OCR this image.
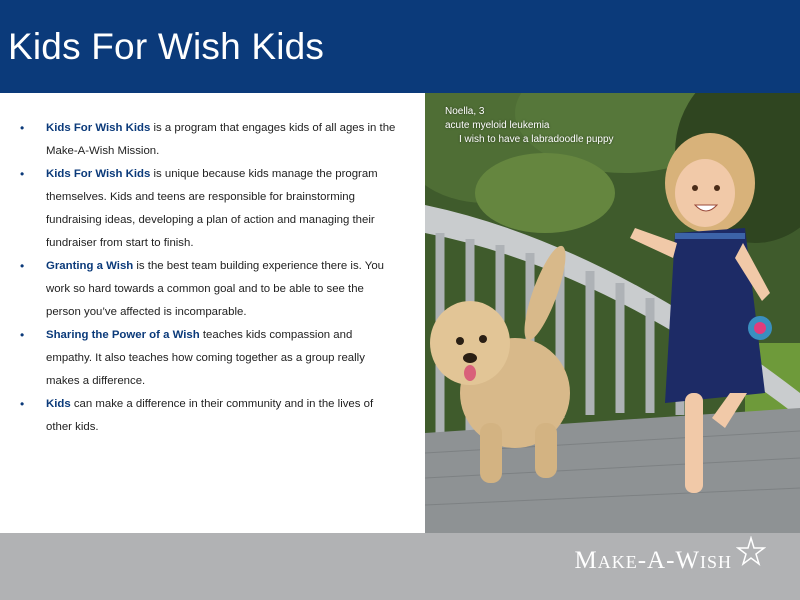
Kids For Wish Kids
• Kids For Wish Kids is a program that engages kids of all ages in the Make-A-Wish Mission.
• Kids For Wish Kids is unique because kids manage the program themselves. Kids and teens are responsible for brainstorming fundraising ideas, developing a plan of action and managing their fundraiser from start to finish.
• Granting a Wish is the best team building experience there is. You work so hard towards a common goal and to be able to see the person you’ve affected is incomparable.
• Sharing the Power of a Wish teaches kids compassion and empathy. It also teaches how coming together as a group really makes a difference.
• Kids can make a difference in their community and in the lives of other kids.
Noella, 3
acute myeloid leukemia
I wish to have a labradoodle puppy
Make-A-Wish
